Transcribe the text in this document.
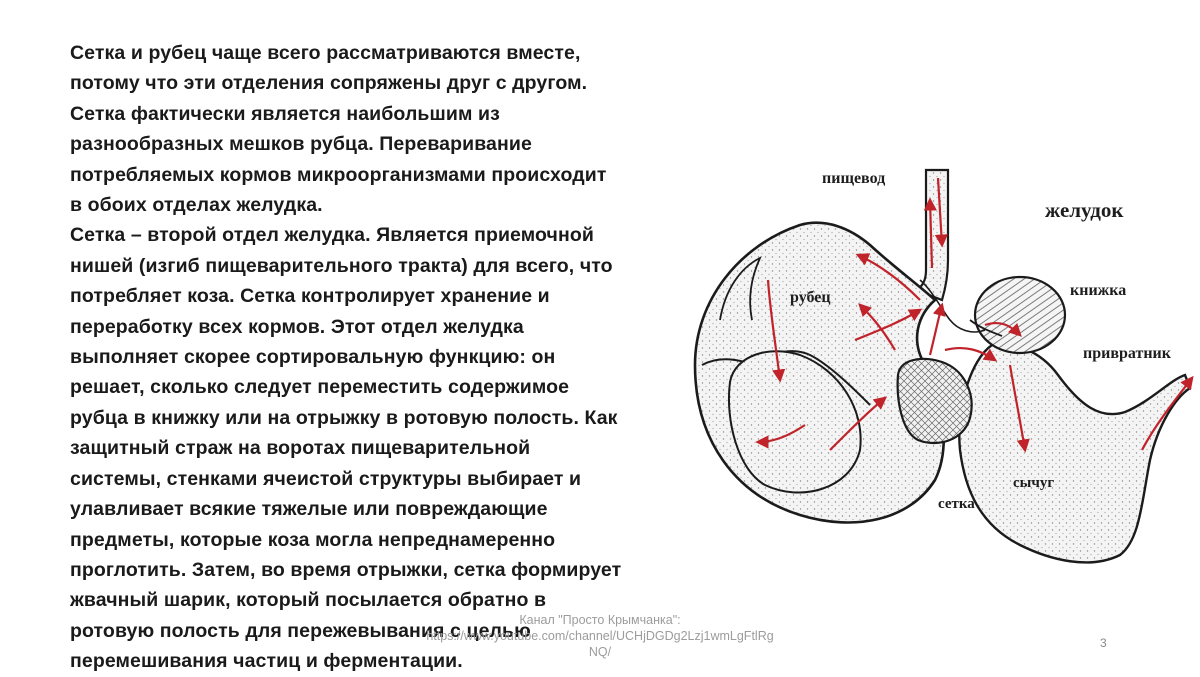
Сетка и рубец чаще всего рассматриваются вместе,
потому что эти отделения сопряжены друг с другом.
Сетка фактически является наибольшим из
разнообразных мешков рубца. Переваривание
потребляемых кормов микроорганизмами происходит
в обоих отделах желудка.
Сетка – второй отдел желудка. Является приемочной
нишей (изгиб пищеварительного тракта) для всего, что
потребляет коза. Сетка контролирует хранение и
переработку всех кормов. Этот отдел желудка
выполняет скорее сортировальную функцию: он
решает, сколько следует переместить содержимое
рубца в книжку или на отрыжку в ротовую полость. Как
защитный страж на воротах пищеварительной
системы, стенками ячеистой структуры выбирает и
улавливает всякие тяжелые или повреждающие
предметы, которые коза могла непреднамеренно
проглотить. Затем, во время отрыжки, сетка формирует
жвачный шарик, который посылается обратно в
ротовую полость для пережевывания с целью
перемешивания частиц и ферментации.
пищевод
желудок
рубец	книжка
привратник
сычуг
сетка
Канал "Просто Крымчанка":
https://www.youtube.com/channel/UCHjDGDg2Lzj1wmLgFtlRg
NQ/
3
